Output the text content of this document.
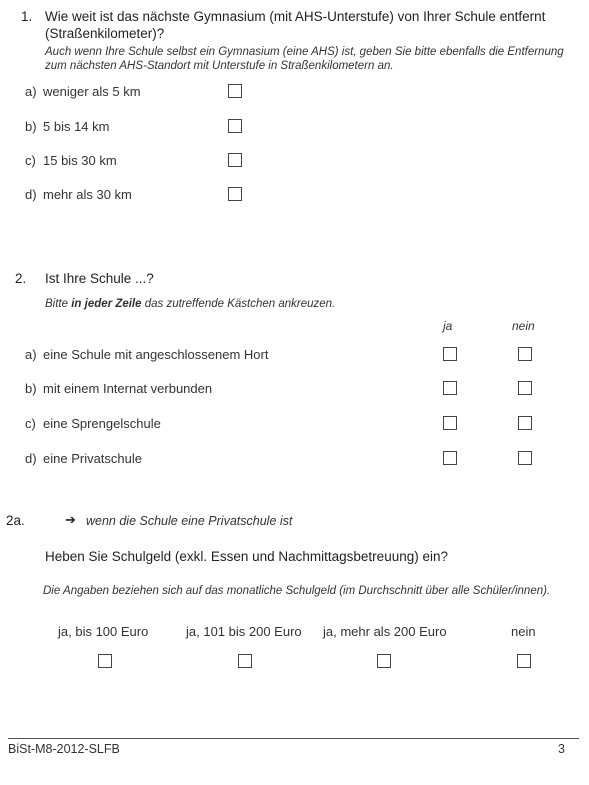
1. Wie weit ist das nächste Gymnasium (mit AHS-Unterstufe) von Ihrer Schule entfernt
(Straßenkilometer)?
Auch wenn Ihre Schule selbst ein Gymnasium (eine AHS) ist, geben Sie bitte ebenfalls die Entfernung
zum nächsten AHS-Standort mit Unterstufe in Straßenkilometern an.
a) weniger als 5 km
b) 5 bis 14 km
c) 15 bis 30 km
d) mehr als 30 km
2. Ist Ihre Schule ...?
Bitte in jeder Zeile das zutreffende Kästchen ankreuzen.
ja	nein
a) eine Schule mit angeschlossenem Hort
b) mit einem Internat verbunden
c) eine Sprengelschule
d) eine Privatschule
2a.	➔ wenn die Schule eine Privatschule ist
Heben Sie Schulgeld (exkl. Essen und Nachmittagsbetreuung) ein?
Die Angaben beziehen sich auf das monatliche Schulgeld (im Durchschnitt über alle Schüler/innen).
ja, bis 100 Euro	ja, 101 bis 200 Euro ja, mehr als 200 Euro	nein
BiSt-M8-2012-SLFB	3
